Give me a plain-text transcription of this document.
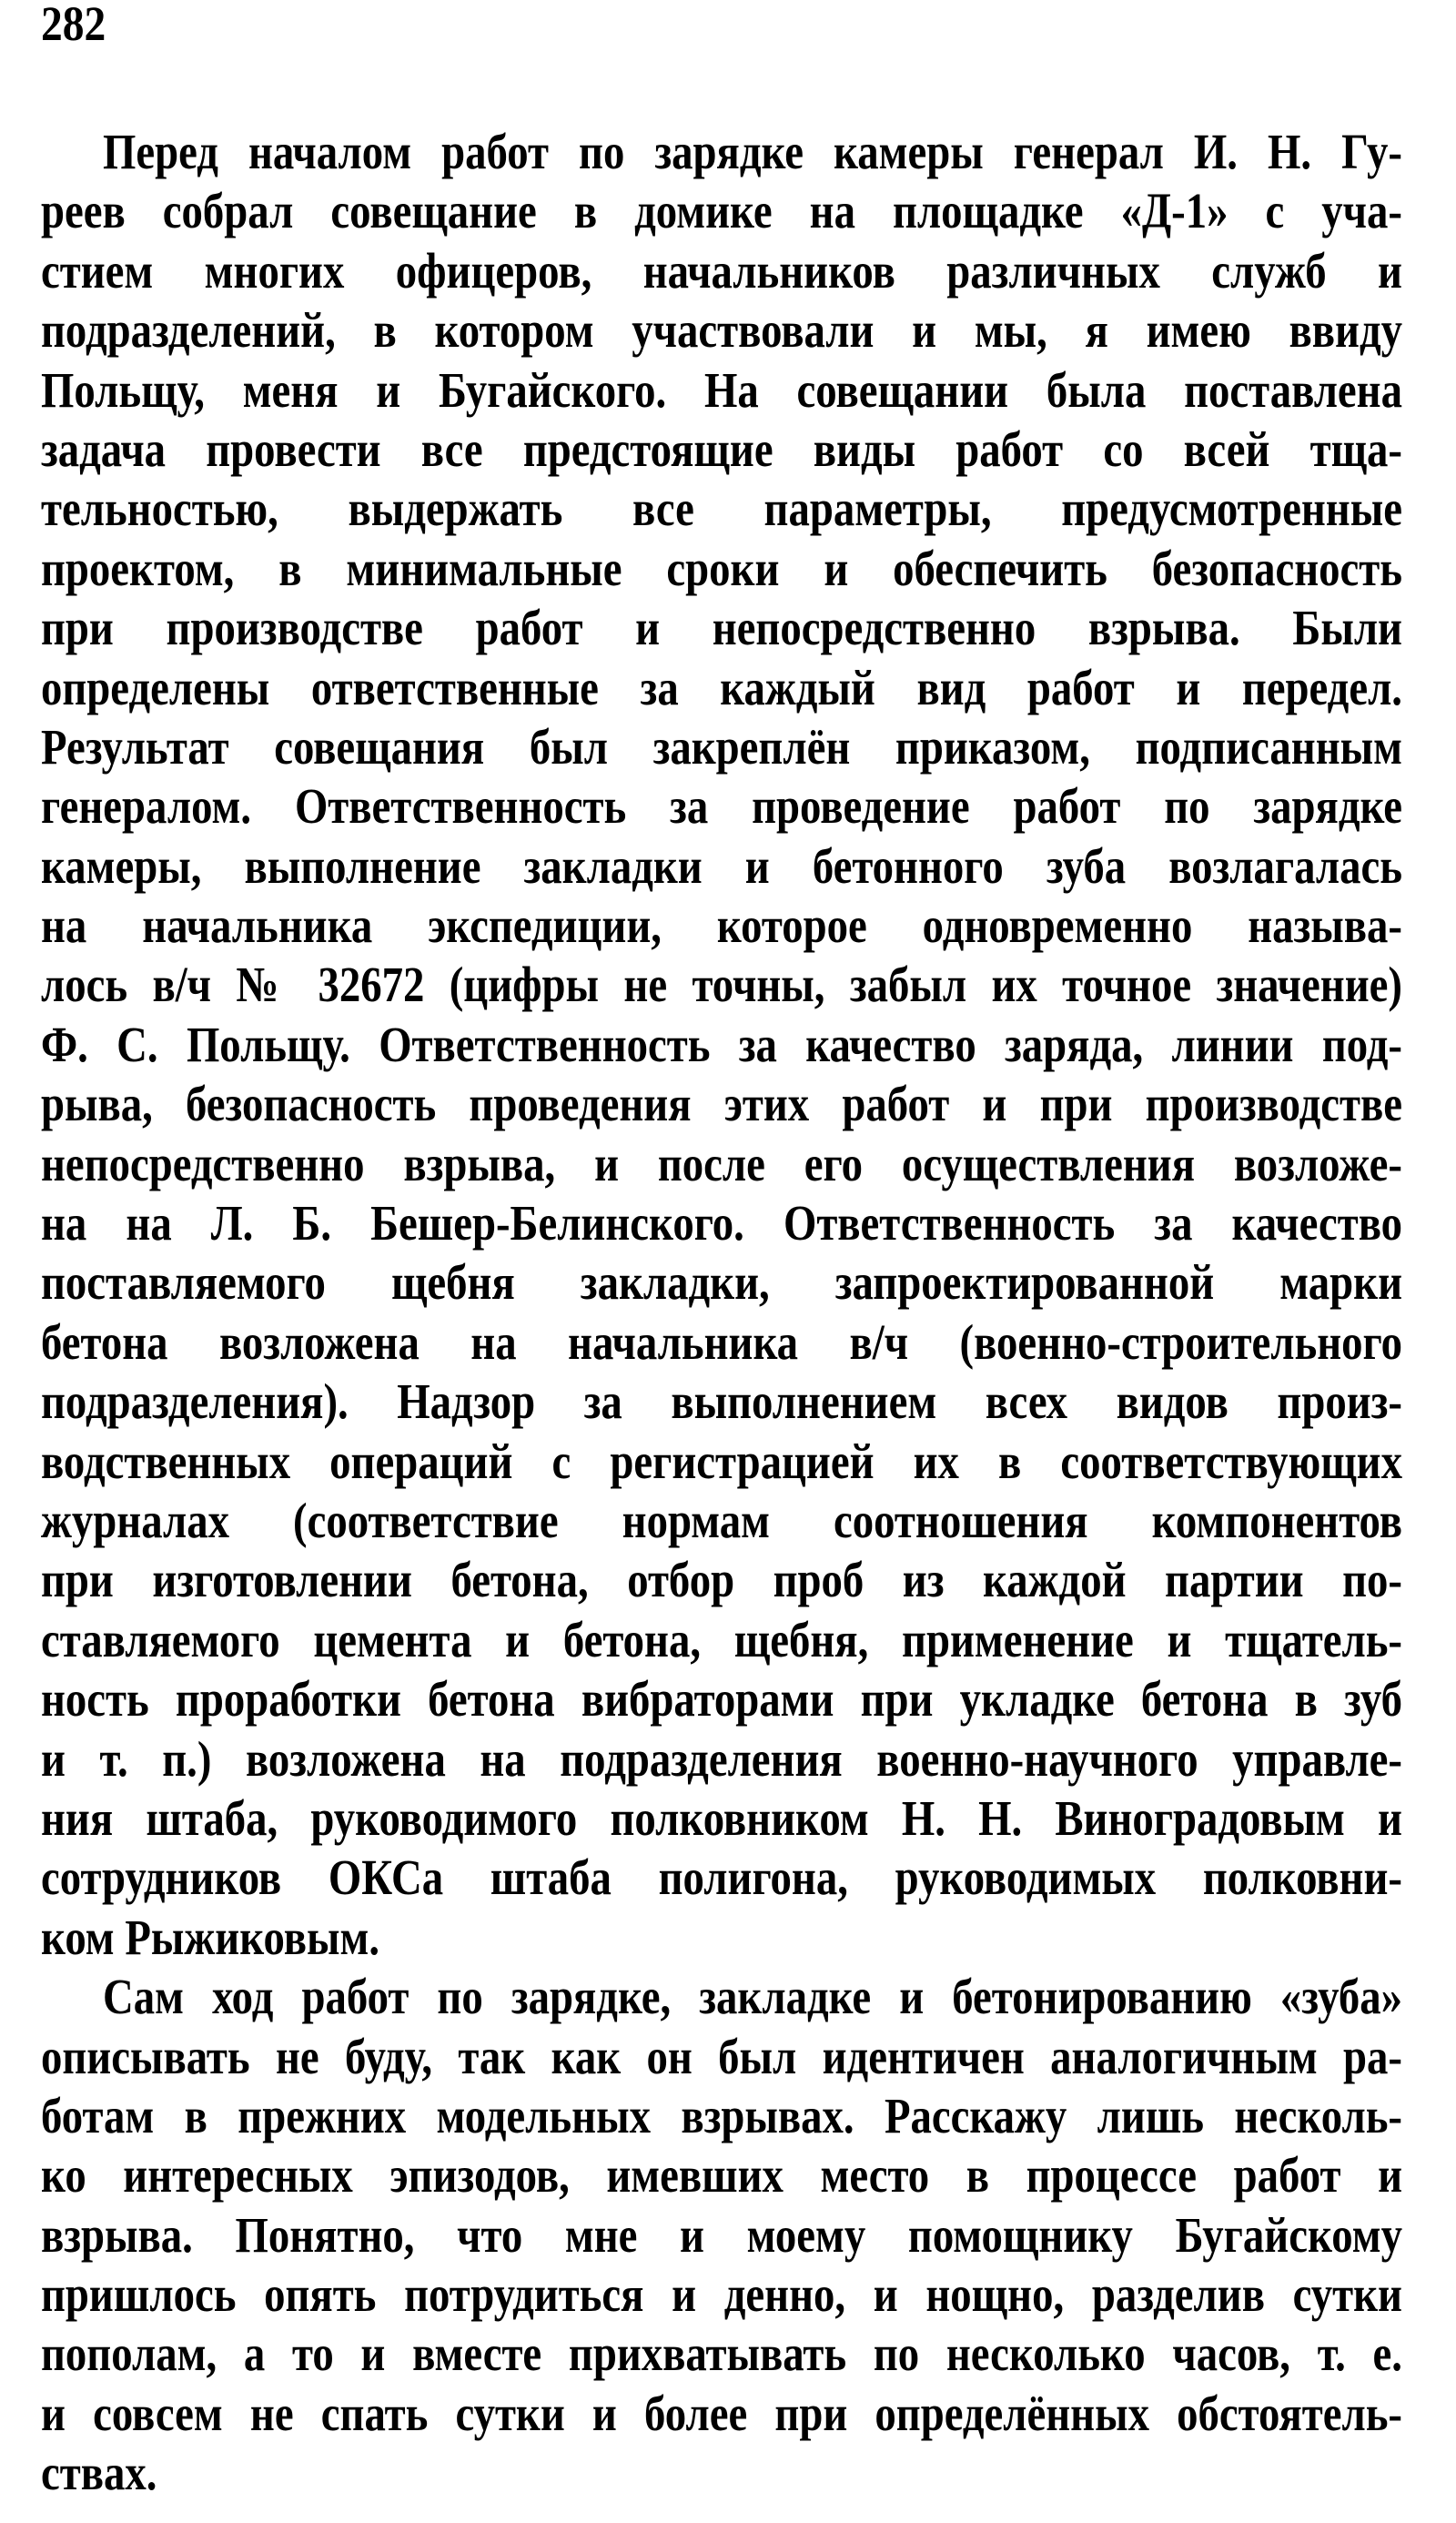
282
Перед началом работ по зарядке камеры генерал И. Н. Гу-
реев собрал совещание в домике на площадке «Д-1» с уча-
стием многих офицеров, начальников различных служб и
подразделений, в котором участвовали и мы, я имею ввиду
Польщу, меня и Бугайского. На совещании была поставлена
задача провести все предстоящие виды работ со всей тща-
тельностью, выдержать все параметры, предусмотренные
проектом, в минимальные сроки и обеспечить безопасность
при производстве работ и непосредственно взрыва. Были
определены ответственные за каждый вид работ и передел.
Результат совещания был закреплён приказом, подписанным
генералом. Ответственность за проведение работ по зарядке
камеры, выполнение закладки и бетонного зуба возлагалась
на начальника экспедиции, которое одновременно называ-
лось в/ч № 32672 (цифры не точны, забыл их точное значение)
Ф. С. Польщу. Ответственность за качество заряда, линии под-
рыва, безопасность проведения этих работ и при производстве
непосредственно взрыва, и после его осуществления возложе-
на на Л. Б. Бешер-Белинского. Ответственность за качество
поставляемого щебня закладки, запроектированной марки
бетона возложена на начальника в/ч (военно-строительного
подразделения). Надзор за выполнением всех видов произ-
водственных операций с регистрацией их в соответствующих
журналах (соответствие нормам соотношения компонентов
при изготовлении бетона, отбор проб из каждой партии по-
ставляемого цемента и бетона, щебня, применение и тщатель-
ность проработки бетона вибраторами при укладке бетона в зуб
и т. п.) возложена на подразделения военно-научного управле-
ния штаба, руководимого полковником Н. Н. Виноградовым и
сотрудников ОКСа штаба полигона, руководимых полковни-
ком Рыжиковым.
Сам ход работ по зарядке, закладке и бетонированию «зуба»
описывать не буду, так как он был идентичен аналогичным ра-
ботам в прежних модельных взрывах. Расскажу лишь несколь-
ко интересных эпизодов, имевших место в процессе работ и
взрыва. Понятно, что мне и моему помощнику Бугайскому
пришлось опять потрудиться и денно, и нощно, разделив сутки
пополам, а то и вместе прихватывать по несколько часов, т. е.
и совсем не спать сутки и более при определённых обстоятель-
ствах.
